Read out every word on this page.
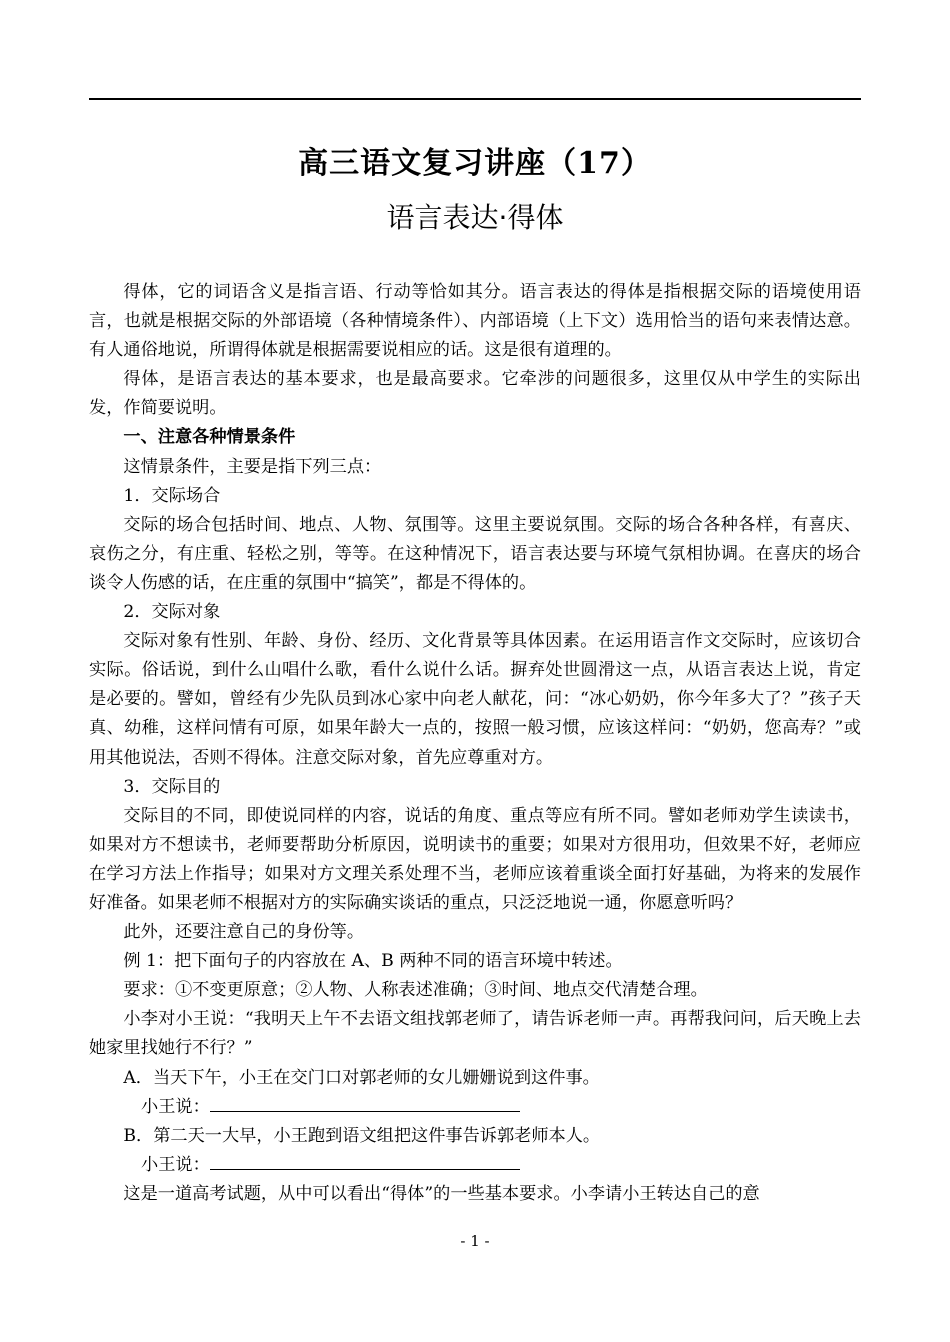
高三语文复习讲座（17）
语言表达·得体

得体，它的词语含义是指言语、行动等恰如其分。语言表达的得体是指根据交际的语境使用语言，也就是根据交际的外部语境（各种情境条件）、内部语境（上下文）选用恰当的语句来表情达意。有人通俗地说，所谓得体就是根据需要说相应的话。这是很有道理的。

得体，是语言表达的基本要求，也是最高要求。它牵涉的问题很多，这里仅从中学生的实际出发，作简要说明。

一、注意各种情景条件

这情景条件，主要是指下列三点：

1．交际场合

交际的场合包括时间、地点、人物、氛围等。这里主要说氛围。交际的场合各种各样，有喜庆、哀伤之分，有庄重、轻松之别，等等。在这种情况下，语言表达要与环境气氛相协调。在喜庆的场合谈令人伤感的话，在庄重的氛围中“搞笑”，都是不得体的。

2．交际对象

交际对象有性别、年龄、身份、经历、文化背景等具体因素。在运用语言作文交际时，应该切合实际。俗话说，到什么山唱什么歌，看什么说什么话。摒弃处世圆滑这一点，从语言表达上说，肯定是必要的。譬如，曾经有少先队员到冰心家中向老人献花，问：“冰心奶奶，你今年多大了？”孩子天真、幼稚，这样问情有可原，如果年龄大一点的，按照一般习惯，应该这样问：“奶奶，您高寿？”或用其他说法，否则不得体。注意交际对象，首先应尊重对方。

3．交际目的

交际目的不同，即使说同样的内容，说话的角度、重点等应有所不同。譬如老师劝学生读读书，如果对方不想读书，老师要帮助分析原因，说明读书的重要；如果对方很用功，但效果不好，老师应在学习方法上作指导；如果对方文理关系处理不当，老师应该着重谈全面打好基础，为将来的发展作好准备。如果老师不根据对方的实际确实谈话的重点，只泛泛地说一通，你愿意听吗？

此外，还要注意自己的身份等。

例 1：把下面句子的内容放在 A、B 两种不同的语言环境中转述。

要求：①不变更原意；②人物、人称表述准确；③时间、地点交代清楚合理。

小李对小王说：“我明天上午不去语文组找郭老师了，请告诉老师一声。再帮我问问，后天晚上去她家里找她行不行？”

A．当天下午，小王在交门口对郭老师的女儿姗姗说到这件事。

小王说：

B．第二天一大早，小王跑到语文组把这件事告诉郭老师本人。

小王说：

这是一道高考试题，从中可以看出“得体”的一些基本要求。小李请小王转达自己的意

- 1 -
